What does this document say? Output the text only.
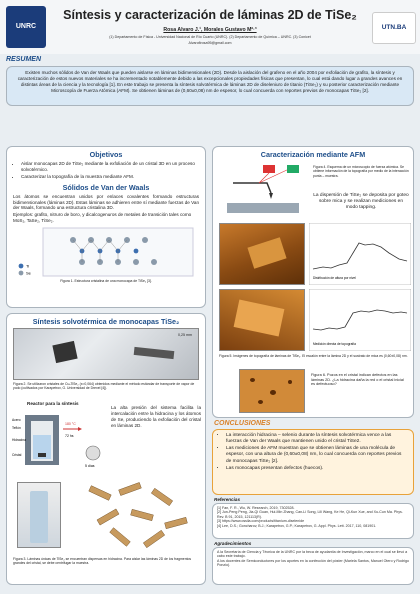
UNRC
Síntesis y caracterización de láminas 2D de TiSe₂
Rosa Alvaro J.¹, Morales Gustavo M²·³
(1) Departamento de Física - Universidad Nacional de Río Cuarto (UNRC). (2) Departamento de Química – UNRC. (3) Conicet
Alvarofirosa95@gmail.com
UTN.BA
RESUMEN
Existen muchos sólidos de Van der Waals que pueden aislarse en láminas bidimensionales (2D). Desde la aislación del grafeno en el año 2004 por exfoliación de grafito, la síntesis y caracterización de estos nuevos materiales se ha incrementado notablemente debido a las excepcionales propiedades físicas que presentan, lo cual está dando lugar a grandes avances en distintas áreas de la ciencia y la tecnología [1]. En este trabajo se presenta la síntesis solvotérmica de láminas 2D de diseleniuro de titanio (TiSe₂) y su posterior caracterización mediante Microscopía de Fuerza Atómica (AFM). Se obtienen láminas de (0,60±0,08) nm de espesor, lo cual concuerda con reportes previos de monocapas TiSe₂ [2].
Objetivos
• Aislar monocapas 2D de TiSe₂ mediante la exfoliación de un cristal 3D en un proceso solvotérmico.
• Caracterizar la topografía de la muestra mediante AFM.
Sólidos de Van der Waals
Los átomos se encuentran unidos por enlaces covalentes formando estructuras bidimensionales (láminas 2D). Estas láminas se adhieren entre sí mediante fuerzas de Van der Waals, formando una estructura cristalina 3D.
Ejemplos: grafito, nitruro de boro, y dicalcogenuros de metales de transición tales como MoS₂, TaSe₂, TiSe₂.
Ti
Se
Figura 1. Estructura cristalina de una monocapa de TiSe₂ [3].
Síntesis solvotérmica de monocapas TiSe₂
0,25 mm
Figura 2. Se utilizaron cristales de CuₓTiSe₂ (x=0,064) obtenidos mediante el método estándar de transporte de vapor de yodo (cultivados por Karapetrov, G. Universidad de Drexel [4]).
Reactor para la síntesis
Acero
Teflón
Hidracina
Cristal
180 °C
72 hs
5 días
La alta presión del sistema facilita la intercalación entre la hidracina y los átomos de Se, produciendo la exfoliación del cristal en láminas 2D.
Figura 3. Láminas únicas de TiSe₂ se encuentran dispersas en hidracina. Para aislar las láminas 2D de los fragmentos grandes del cristal, se debe centrifugar la muestra.
Caracterización mediante AFM
Figura 4. Esquema de un microscopio de fuerza atómica. Se obtiene información de la topografía por medio de la interacción punta – muestra.
La dispersión de TiSe₂ se deposita por goteo sobre mica y se realizan mediciones en modo tapping.
Distribución de altura por nivel
Medición directa de topografía
Figura 5. Imágenes de topografía de láminas de TiSe₂. El escalón entre la lámina 2D y el sustrato de mica es (0,60±0,08) nm.
Figura 6. Pozos en el cristal indican defectos en las láminas 2D. ¿La hidracina daña la red o el cristal inicial es defectuoso?
CONCLUSIONES
• La interacción hidracina – selenio durante la síntesis solvotérmica vence a las fuerzas de Van der Waals que mantienen unido el cristal TiSe2.
• Las mediciones de AFM muestran que se obtienen láminas de una molécula de espesor, con una altura de (0,60±0,08) nm, lo cual concuerda con reportes previos de monocapas TiSe₂ [2].
• Las monocapas presentan defectos (huecos).
Referencias
[1] Fan, F. R., Wu, W. Research, 2019, 7302528.
[2] Jun-Peng Peng, Jia-Qi Guan, Hui-Min Zhang, Can-Li Song, Lili Wang, Ke He, Qi-Kun Xue, and Xu-Cun Ma. Phys. Rev. B 91, 2015, 121113(R).
[3] https://www.ossila.com/products/titanium-diselenide
[4] Lee, D.S.; Goncharov, B.J.; Karapetrov, G.P.; Karapetrov, G. Appl. Phys. Lett. 2017, 110, 081901.
Agradecimientos
A la Secretaría de Ciencia y Técnica de la UNRC por la beca de ayudantía de Investigación, marco en el cual se llevó a cabo este trabajo.
A los docentes de Semiconductores por los aportes en la confección del póster (Mariela Santos, Manuel Otero y Rodrigo Ponzio).
